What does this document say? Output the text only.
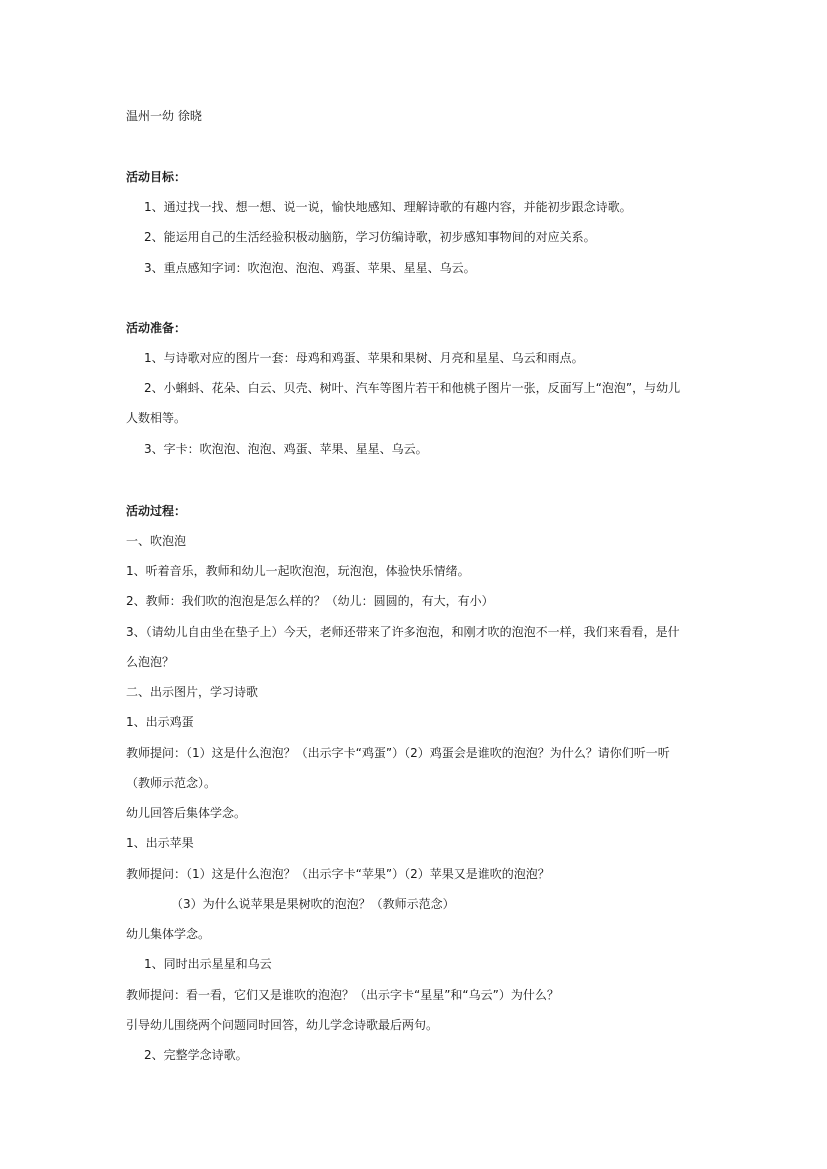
温州一幼 徐晓
活动目标：
1、通过找一找、想一想、说一说，愉快地感知、理解诗歌的有趣内容，并能初步跟念诗歌。
2、能运用自己的生活经验积极动脑筋，学习仿编诗歌，初步感知事物间的对应关系。
3、重点感知字词：吹泡泡、泡泡、鸡蛋、苹果、星星、乌云。
活动准备：
1、与诗歌对应的图片一套：母鸡和鸡蛋、苹果和果树、月亮和星星、乌云和雨点。
2、小蝌蚪、花朵、白云、贝壳、树叶、汽车等图片若干和他桃子图片一张，反面写上“泡泡”，与幼儿
人数相等。
3、字卡：吹泡泡、泡泡、鸡蛋、苹果、星星、乌云。
活动过程：
一、吹泡泡
1、听着音乐，教师和幼儿一起吹泡泡，玩泡泡，体验快乐情绪。
2、教师：我们吹的泡泡是怎么样的？（幼儿：圆圆的，有大，有小）
3、（请幼儿自由坐在垫子上）今天，老师还带来了许多泡泡，和刚才吹的泡泡不一样，我们来看看，是什
么泡泡？
二、出示图片，学习诗歌
1、出示鸡蛋
教师提问：（1）这是什么泡泡？（出示字卡“鸡蛋”）（2）鸡蛋会是谁吹的泡泡？为什么？请你们听一听
（教师示范念）。
幼儿回答后集体学念。
1、出示苹果
教师提问：（1）这是什么泡泡？（出示字卡“苹果”）（2）苹果又是谁吹的泡泡？
（3）为什么说苹果是果树吹的泡泡？（教师示范念）
幼儿集体学念。
1、同时出示星星和乌云
教师提问：看一看，它们又是谁吹的泡泡？（出示字卡“星星”和“乌云”）为什么？
引导幼儿围绕两个问题同时回答，幼儿学念诗歌最后两句。
2、完整学念诗歌。
